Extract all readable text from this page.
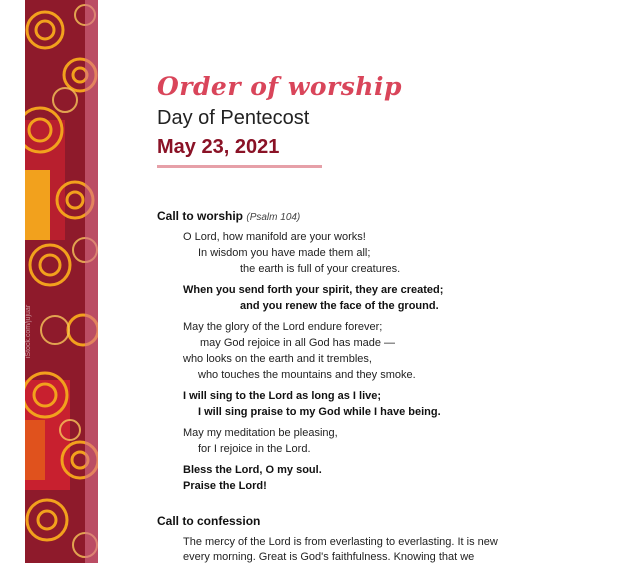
iStock.com/jujuar
Order of worship
Day of Pentecost
May 23, 2021
Call to worship (Psalm 104)
O Lord, how manifold are your works!
In wisdom you have made them all;
the earth is full of your creatures.
When you send forth your spirit, they are created;
and you renew the face of the ground.
May the glory of the Lord endure forever;
may God rejoice in all God has made —
who looks on the earth and it trembles,
who touches the mountains and they smoke.
I will sing to the Lord as long as I live;
I will sing praise to my God while I have being.
May my meditation be pleasing,
for I rejoice in the Lord.
Bless the Lord, O my soul.
Praise the Lord!
Call to confession
The mercy of the Lord is from everlasting to everlasting. It is new
every morning. Great is God's faithfulness. Knowing that we
